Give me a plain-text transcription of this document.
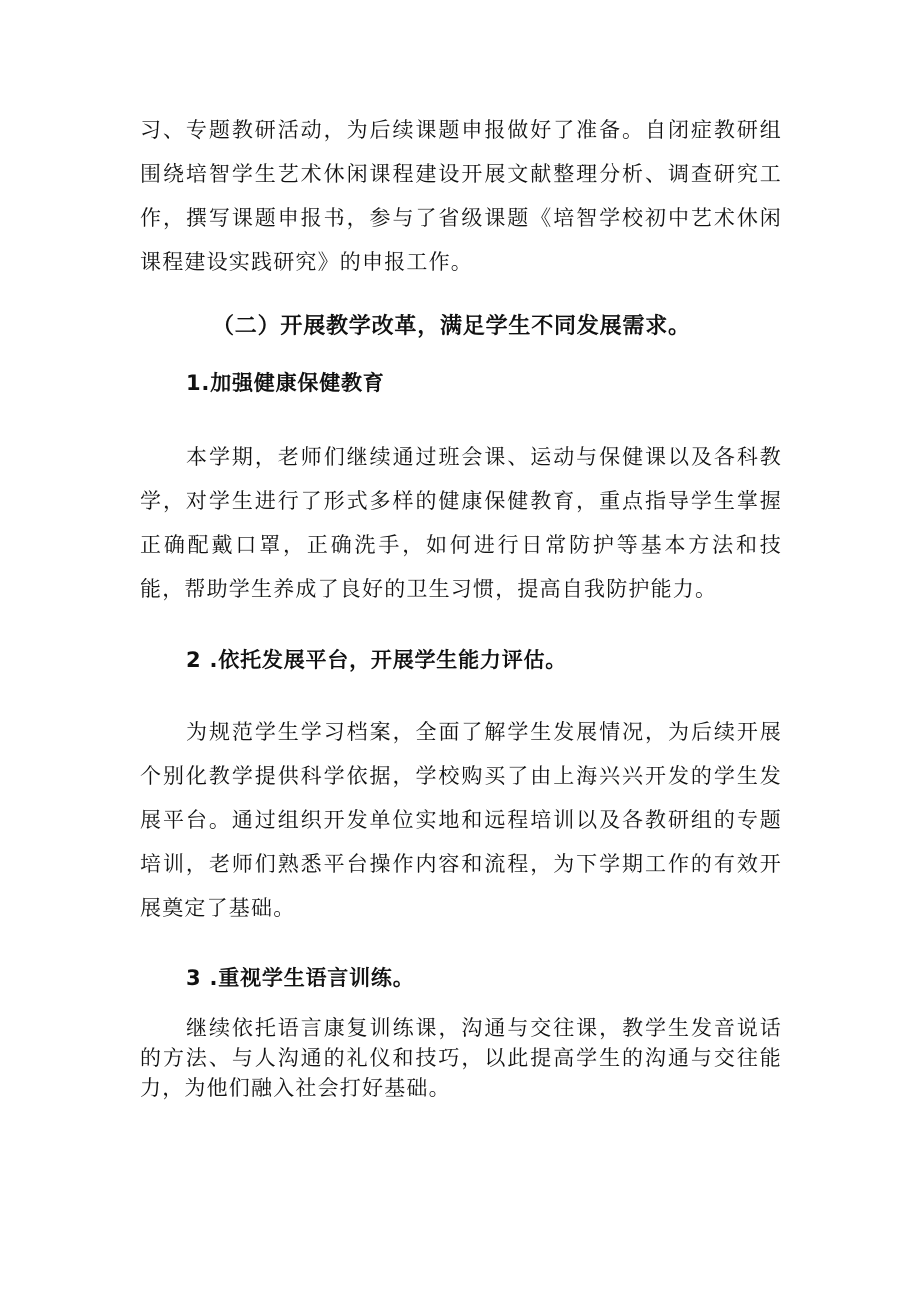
习、专题教研活动，为后续课题申报做好了准备。自闭症教研组围绕培智学生艺术休闲课程建设开展文献整理分析、调查研究工作，撰写课题申报书，参与了省级课题《培智学校初中艺术休闲课程建设实践研究》的申报工作。

（二）开展教学改革，满足学生不同发展需求。
1.加强健康保健教育

本学期，老师们继续通过班会课、运动与保健课以及各科教学，对学生进行了形式多样的健康保健教育，重点指导学生掌握正确配戴口罩，正确洗手，如何进行日常防护等基本方法和技能，帮助学生养成了良好的卫生习惯，提高自我防护能力。

2 .依托发展平台，开展学生能力评估。

为规范学生学习档案，全面了解学生发展情况，为后续开展个别化教学提供科学依据，学校购买了由上海兴兴开发的学生发展平台。通过组织开发单位实地和远程培训以及各教研组的专题培训，老师们熟悉平台操作内容和流程，为下学期工作的有效开展奠定了基础。

3 .重视学生语言训练。

继续依托语言康复训练课，沟通与交往课，教学生发音说话的方法、与人沟通的礼仪和技巧，以此提高学生的沟通与交往能力，为他们融入社会打好基础。
